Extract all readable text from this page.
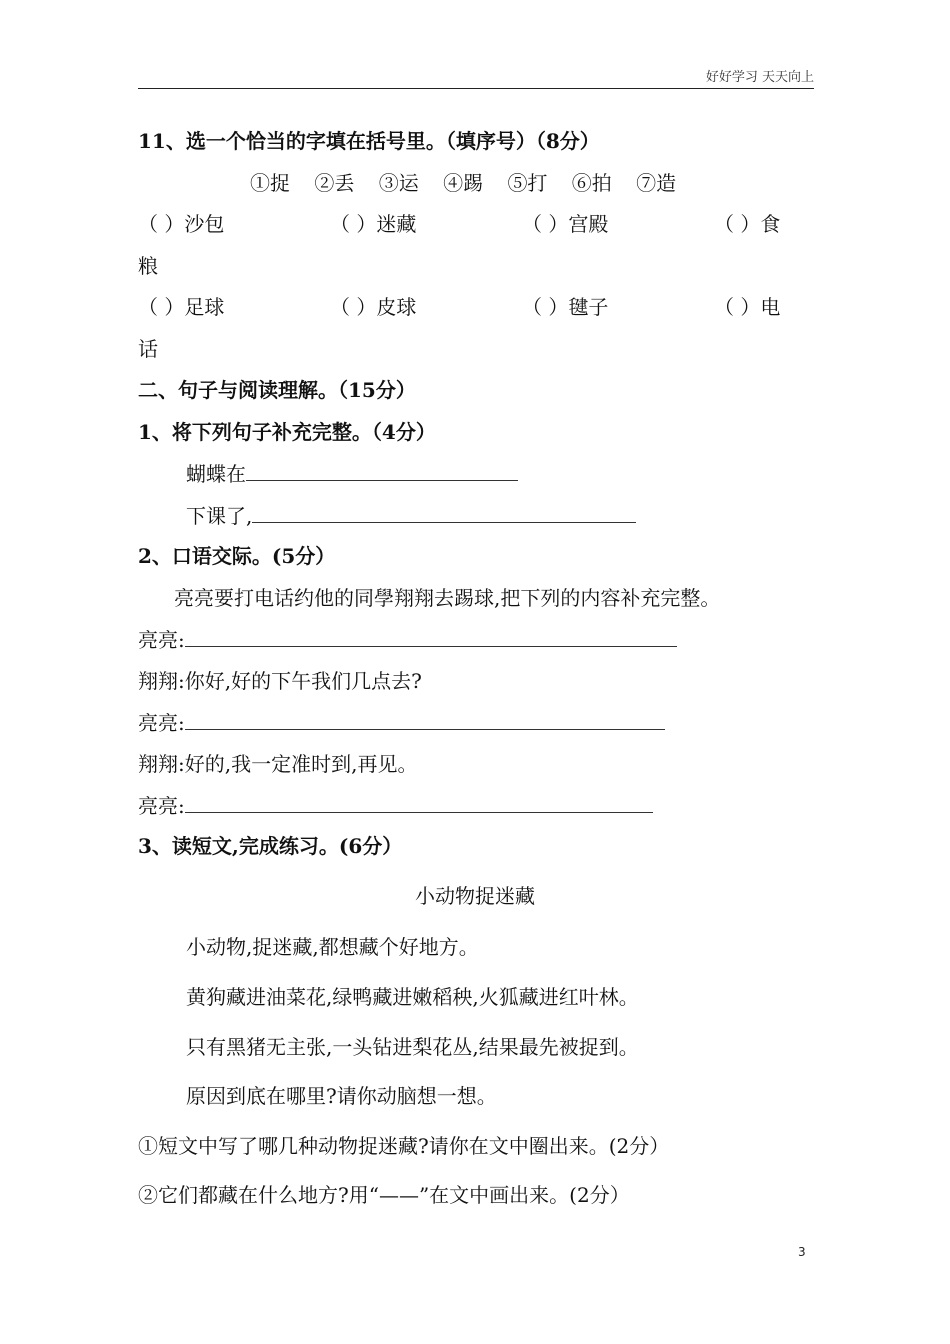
好好学习 天天向上
11、选一个恰当的字填在括号里。（填序号）（8分）
①捉 ②丢 ③运 ④踢 ⑤打 ⑥拍 ⑦造
（ ）沙包	（ ）迷藏	（ ）宫殿	（ ）食
粮
（ ）足球	（ ）皮球	（ ）毽子	（ ）电
话
二、句子与阅读理解。（15分）
1、将下列句子补充完整。（4分）
蝴蝶在
下课了,
2、口语交际。(5分）
亮亮要打电话约他的同學翔翔去踢球,把下列的内容补充完整。
亮亮:
翔翔:你好,好的下午我们几点去?
亮亮:
翔翔:好的,我一定准时到,再见。
亮亮:
3、读短文,完成练习。(6分）
小动物捉迷藏
小动物,捉迷藏,都想藏个好地方。
黄狗藏进油菜花,绿鸭藏进嫩稻秧,火狐藏进红叶林。
只有黑猪无主张,一头钻进梨花丛,结果最先被捉到。
原因到底在哪里?请你动脑想一想。
①短文中写了哪几种动物捉迷藏?请你在文中圈出来。(2分）
②它们都藏在什么地方?用“——”在文中画出来。(2分）
3
